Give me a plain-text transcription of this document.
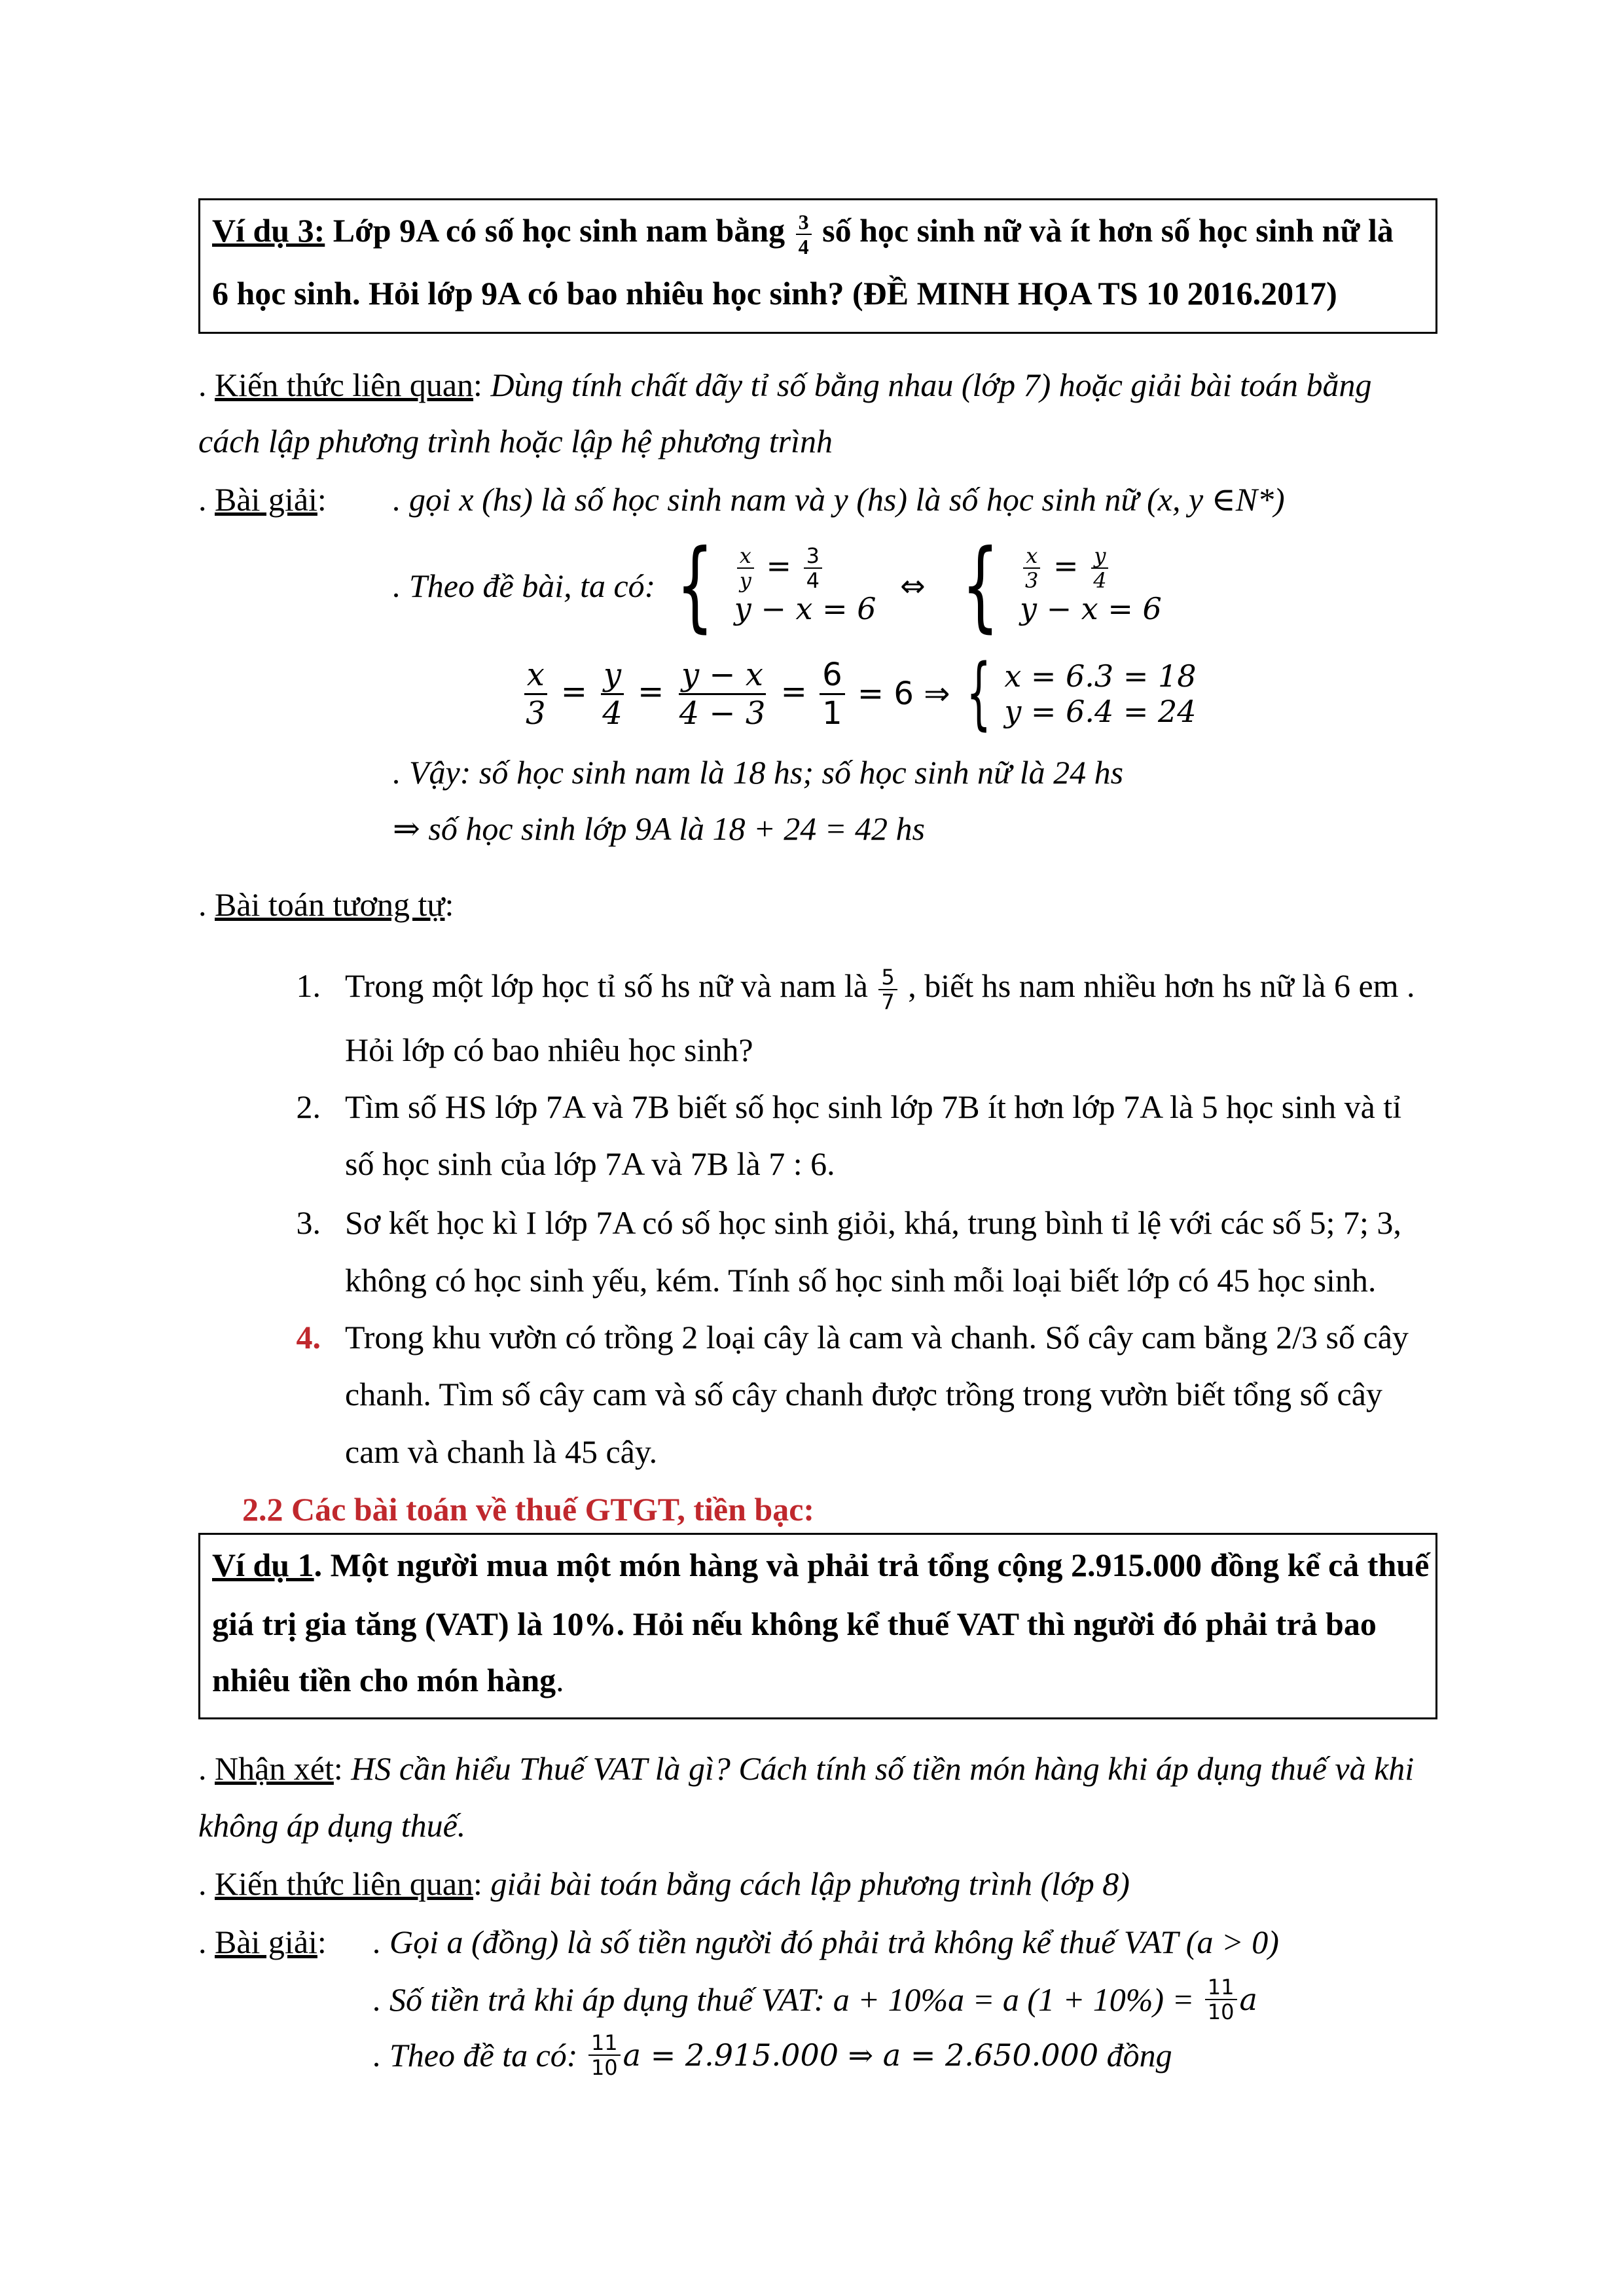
Ví dụ 3: Lớp 9A có số học sinh nam bằng $\frac{3}{4}$ số học sinh nữ và ít hơn số học sinh nữ là
6 học sinh. Hỏi lớp 9A có bao nhiêu học sinh? (ĐỀ MINH HỌA TS 10 2016.2017)
. Kiến thức liên quan: Dùng tính chất dãy tỉ số bằng nhau (lớp 7) hoặc giải bài toán bằng
cách lập phương trình hoặc lập hệ phương trình
. Bài giải: . gọi x (hs) là số học sinh nam và y (hs) là số học sinh nữ (x, y ∈N*)
. Theo đề bài, ta có: { $\frac{x}{y} = \frac{3}{4}$
y − x = 6
⇔ { $\frac{x}{3} = \frac{y}{4}$
y − x = 6
$\frac{x}{3} = \frac{y}{4} = \frac{y - x}{4 - 3} = \frac{6}{1} = 6$ ⇒ { x = 6.3 = 18
y = 6.4 = 24
. Vậy: số học sinh nam là 18 hs; số học sinh nữ là 24 hs
⇒ số học sinh lớp 9A là 18 + 24 = 42 hs
. Bài toán tương tự:
1. Trong một lớp học tỉ số hs nữ và nam là $\frac{5}{7}$ , biết hs nam nhiều hơn hs nữ là 6 em .
Hỏi lớp có bao nhiêu học sinh?
2. Tìm số HS lớp 7A và 7B biết số học sinh lớp 7B ít hơn lớp 7A là 5 học sinh và tỉ
số học sinh của lớp 7A và 7B là 7 : 6.
3. Sơ kết học kì I lớp 7A có số học sinh giỏi, khá, trung bình tỉ lệ với các số 5; 7; 3,
không có học sinh yếu, kém. Tính số học sinh mỗi loại biết lớp có 45 học sinh.
4. Trong khu vườn có trồng 2 loại cây là cam và chanh. Số cây cam bằng 2/3 số cây
chanh. Tìm số cây cam và số cây chanh được trồng trong vườn biết tổng số cây
cam và chanh là 45 cây.
2.2 Các bài toán về thuế GTGT, tiền bạc:
Ví dụ 1. Một người mua một món hàng và phải trả tổng cộng 2.915.000 đồng kể cả thuế
giá trị gia tăng (VAT) là 10%. Hỏi nếu không kể thuế VAT thì người đó phải trả bao
nhiêu tiền cho món hàng.
. Nhận xét: HS cần hiểu Thuế VAT là gì? Cách tính số tiền món hàng khi áp dụng thuế và khi
không áp dụng thuế.
. Kiến thức liên quan: giải bài toán bằng cách lập phương trình (lớp 8)
. Bài giải: . Gọi a (đồng) là số tiền người đó phải trả không kể thuế VAT (a > 0)
. Số tiền trả khi áp dụng thuế VAT: a + 10%a = a $(1 + 10\%) = \frac{11}{10}$ a
. Theo đề ta có: $\frac{11}{10}$ a = 2.915.000 ⇒ a = 2.650.000 đồng
